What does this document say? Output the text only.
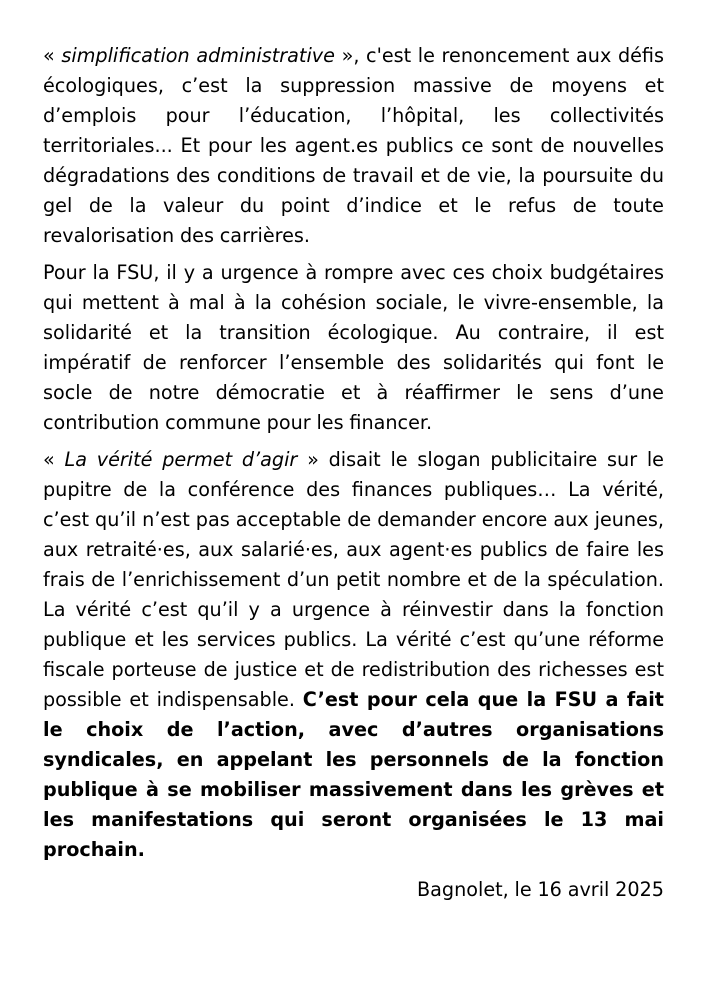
« simplification administrative », c'est le renoncement aux défis écologiques, c’est la suppression massive de moyens et d’emplois pour l’éducation, l’hôpital, les collectivités territoriales... Et pour les agent.es publics ce sont de nouvelles dégradations des conditions de travail et de vie, la poursuite du gel de la valeur du point d’indice et le refus de toute revalorisation des carrières.

Pour la FSU, il y a urgence à rompre avec ces choix budgétaires qui mettent à mal à la cohésion sociale, le vivre-ensemble, la solidarité et la transition écologique. Au contraire, il est impératif de renforcer l’ensemble des solidarités qui font le socle de notre démocratie et à réaffirmer le sens d’une contribution commune pour les financer.

« La vérité permet d’agir » disait le slogan publicitaire sur le pupitre de la conférence des finances publiques… La vérité, c’est qu’il n’est pas acceptable de demander encore aux jeunes, aux retraité·es, aux salarié·es, aux agent·es publics de faire les frais de l’enrichissement d’un petit nombre et de la spéculation. La vérité c’est qu’il y a urgence à réinvestir dans la fonction publique et les services publics. La vérité c’est qu’une réforme fiscale porteuse de justice et de redistribution des richesses est possible et indispensable. C’est pour cela que la FSU a fait le choix de l’action, avec d’autres organisations syndicales, en appelant les personnels de la fonction publique à se mobiliser massivement dans les grèves et les manifestations qui seront organisées le 13 mai prochain.

Bagnolet, le 16 avril 2025
